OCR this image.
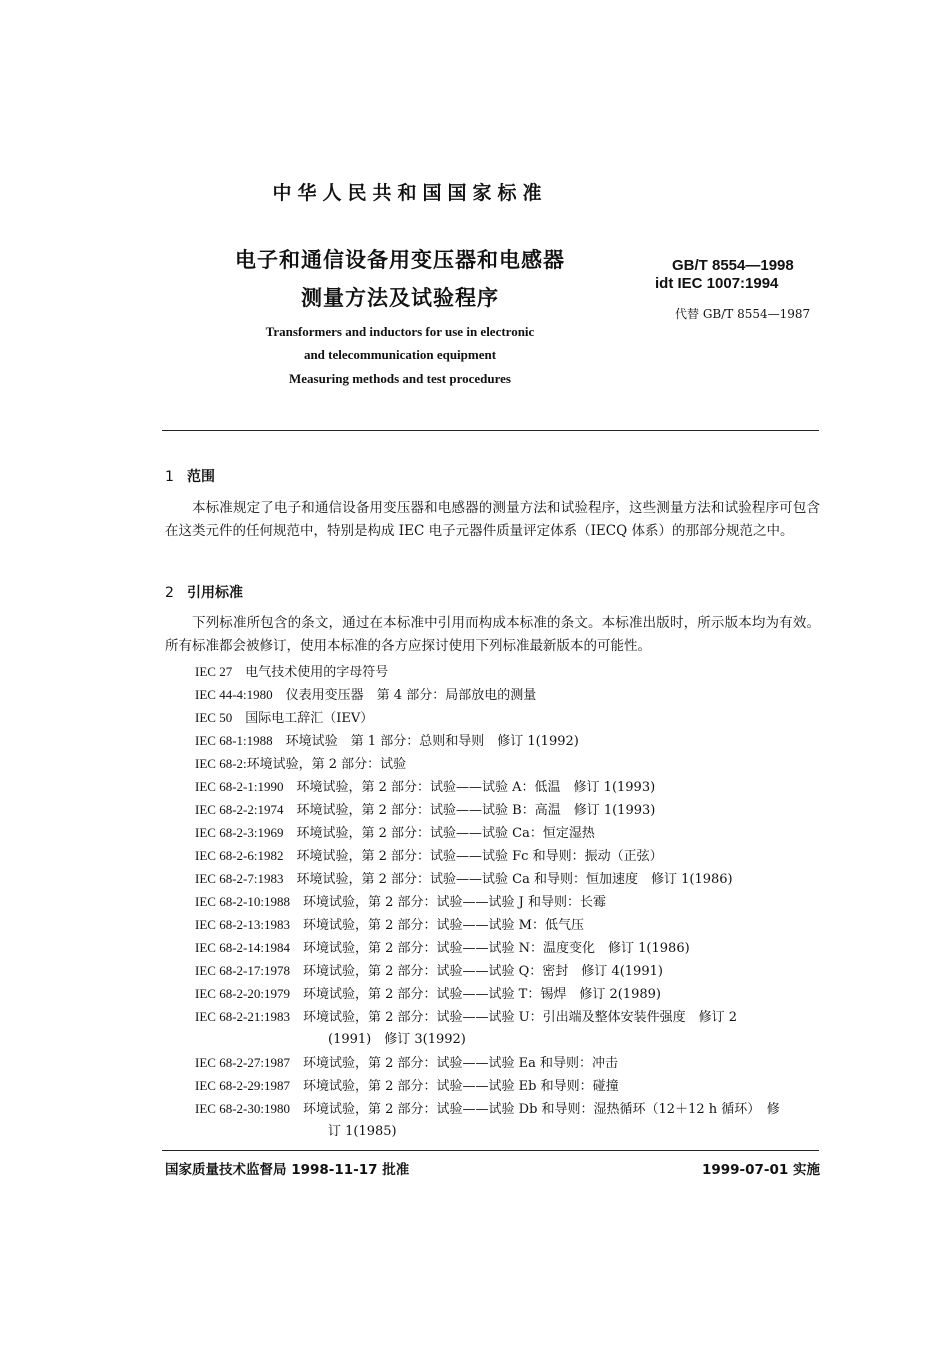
中华人民共和国国家标准
电子和通信设备用变压器和电感器
测量方法及试验程序
GB/T 8554—1998
idt IEC 1007:1994
代替 GB/T 8554—1987
Transformers and inductors for use in electronic
and telecommunication equipment
Measuring methods and test procedures
1 范围
本标准规定了电子和通信设备用变压器和电感器的测量方法和试验程序，这些测量方法和试验程序可包含在这类元件的任何规范中，特别是构成 IEC 电子元器件质量评定体系（IECQ 体系）的那部分规范之中。
2 引用标准
下列标准所包含的条文，通过在本标准中引用而构成本标准的条文。本标准出版时，所示版本均为有效。所有标准都会被修订，使用本标准的各方应探讨使用下列标准最新版本的可能性。
IEC 27　 电气技术使用的字母符号
IEC 44-4:1980　 仪表用变压器　第 4 部分：局部放电的测量
IEC 50　 国际电工辞汇（IEV）
IEC 68-1:1988　 环境试验　第 1 部分：总则和导则　修订 1(1992)
IEC 68-2:环境试验，第 2 部分：试验
IEC 68-2-1:1990　 环境试验，第 2 部分：试验——试验 A：低温　修订 1(1993)
IEC 68-2-2:1974　 环境试验，第 2 部分：试验——试验 B：高温　修订 1(1993)
IEC 68-2-3:1969　 环境试验，第 2 部分：试验——试验 Ca：恒定湿热
IEC 68-2-6:1982　 环境试验，第 2 部分：试验——试验 Fc 和导则：振动（正弦）
IEC 68-2-7:1983　 环境试验，第 2 部分：试验——试验 Ca 和导则：恒加速度　修订 1(1986)
IEC 68-2-10:1988　 环境试验，第 2 部分：试验——试验 J 和导则：长霉
IEC 68-2-13:1983　 环境试验，第 2 部分：试验——试验 M：低气压
IEC 68-2-14:1984　 环境试验，第 2 部分：试验——试验 N：温度变化　修订 1(1986)
IEC 68-2-17:1978　 环境试验，第 2 部分：试验——试验 Q：密封　修订 4(1991)
IEC 68-2-20:1979　 环境试验，第 2 部分：试验——试验 T：锡焊　修订 2(1989)
IEC 68-2-21:1983　 环境试验，第 2 部分：试验——试验 U：引出端及整体安装件强度　修订 2
(1991)　修订 3(1992)
IEC 68-2-27:1987　 环境试验，第 2 部分：试验——试验 Ea 和导则：冲击
IEC 68-2-29:1987　 环境试验，第 2 部分：试验——试验 Eb 和导则：碰撞
IEC 68-2-30:1980　 环境试验，第 2 部分：试验——试验 Db 和导则：湿热循环（12＋12 h 循环）　修
订 1(1985)
国家质量技术监督局 1998-11-17 批准	1999-07-01 实施
